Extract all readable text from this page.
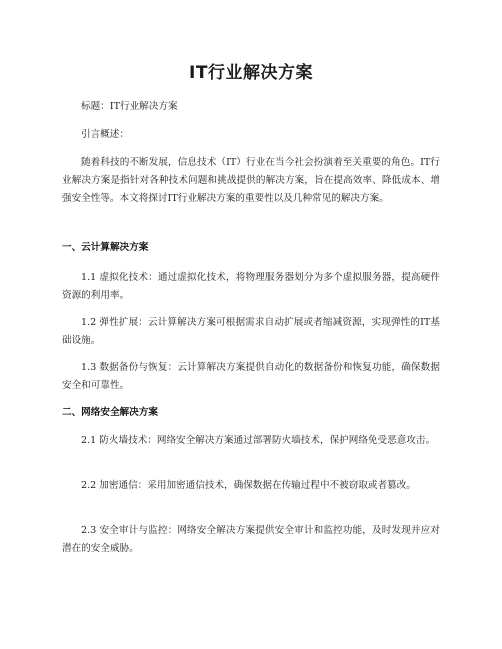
IT行业解决方案

标题：IT行业解决方案

引言概述：

随着科技的不断发展，信息技术（IT）行业在当今社会扮演着至关重要的角色。IT行业解决方案是指针对各种技术问题和挑战提供的解决方案，旨在提高效率、降低成本、增强安全性等。本文将探讨IT行业解决方案的重要性以及几种常见的解决方案。

一、云计算解决方案

1.1 虚拟化技术：通过虚拟化技术，将物理服务器划分为多个虚拟服务器，提高硬件资源的利用率。

1.2 弹性扩展：云计算解决方案可根据需求自动扩展或者缩减资源，实现弹性的IT基础设施。

1.3 数据备份与恢复：云计算解决方案提供自动化的数据备份和恢复功能，确保数据安全和可靠性。

二、网络安全解决方案

2.1 防火墙技术：网络安全解决方案通过部署防火墙技术，保护网络免受恶意攻击。

2.2 加密通信：采用加密通信技术，确保数据在传输过程中不被窃取或者篡改。

2.3 安全审计与监控：网络安全解决方案提供安全审计和监控功能，及时发现并应对潜在的安全威胁。
